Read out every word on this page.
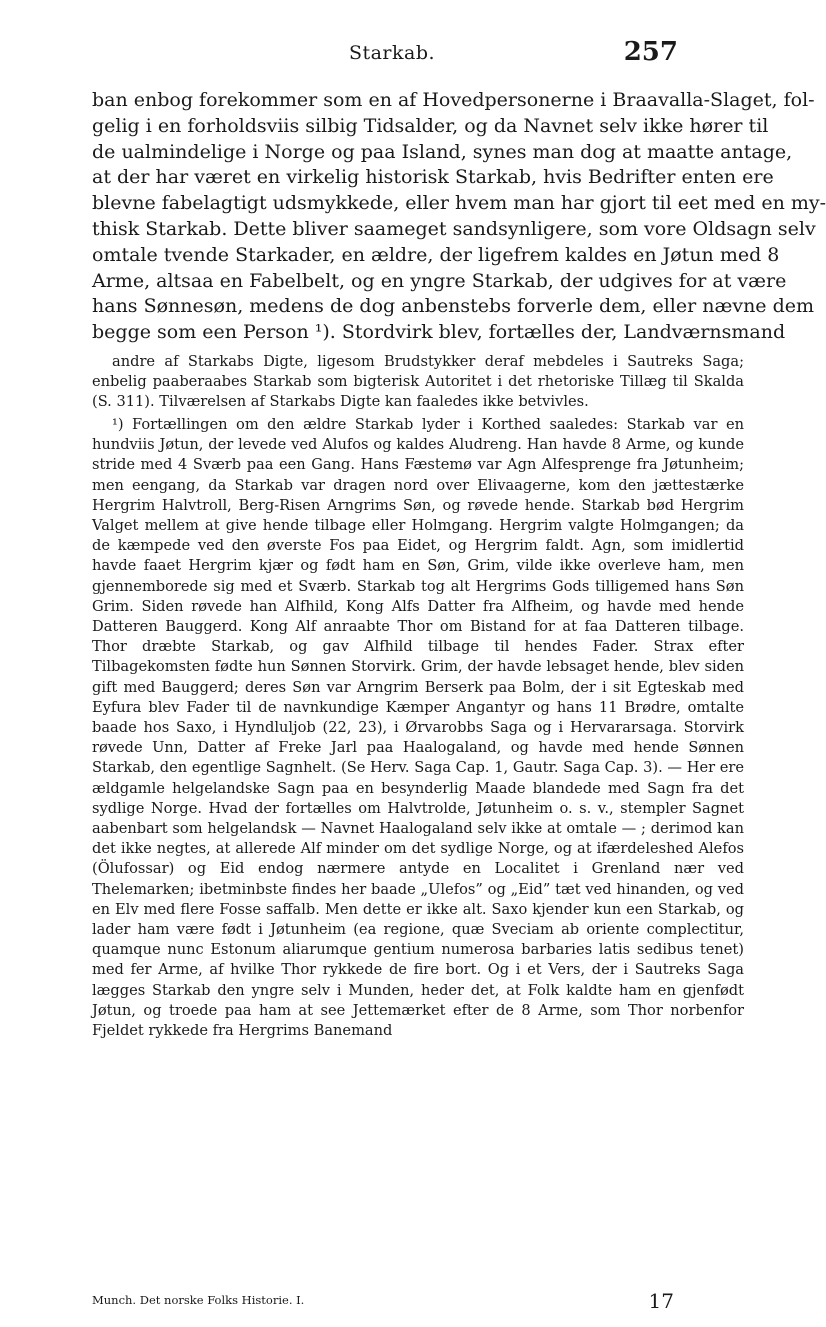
Starkab.	257
ban enbog forekommer som en af Hovedpersonerne i Braavalla-Slaget, fol-
gelig i en forholdsviis silbig Tidsalder, og da Navnet selv ikke hører til
de ualmindelige i Norge og paa Island, synes man dog at maatte antage,
at der har været en virkelig historisk Starkab, hvis Bedrifter enten ere
blevne fabelagtigt udsmykkede, eller hvem man har gjort til eet med en my-
thisk Starkab. Dette bliver saameget sandsynligere, som vore Oldsagn selv
omtale tvende Starkader, en ældre, der ligefrem kaldes en Jøtun med 8
Arme, altsaa en Fabelbelt, og en yngre Starkab, der udgives for at være
hans Sønnesøn, medens de dog anbenstebs forverle dem, eller nævne dem
begge som een Person ¹). Stordvirk blev, fortælles der, Landværnsmand

andre af Starkabs Digte, ligesom Brudstykker deraf mebdeles i Sautreks Saga; enbelig paaberaabes Starkab som bigterisk Autoritet i det rhetoriske Tillæg til Skalda (S. 311). Tilværelsen af Starkabs Digte kan faaledes ikke betvivles.

¹) Fortællingen om den ældre Starkab lyder i Korthed saaledes: Starkab var en hundviis Jøtun, der levede ved Alufos og kaldes Aludreng. Han havde 8 Arme, og kunde stride med 4 Sværb paa een Gang. Hans Fæstemø var Agn Alfesprenge fra Jøtunheim; men eengang, da Starkab var dragen nord over Elivaagerne, kom den jættestærke Hergrim Halvtroll, Berg-Risen Arngrims Søn, og røvede hende. Starkab bød Hergrim Valget mellem at give hende tilbage eller Holmgang. Hergrim valgte Holmgangen; da de kæmpede ved den øverste Fos paa Eidet, og Hergrim faldt. Agn, som imidlertid havde faaet Hergrim kjær og født ham en Søn, Grim, vilde ikke overleve ham, men gjennemborede sig med et Sværb. Starkab tog alt Hergrims Gods tilligemed hans Søn Grim. Siden røvede han Alfhild, Kong Alfs Datter fra Alfheim, og havde med hende Datteren Bauggerd. Kong Alf anraabte Thor om Bistand for at faa Datteren tilbage. Thor dræbte Starkab, og gav Alfhild tilbage til hendes Fader. Strax efter Tilbagekomsten fødte hun Sønnen Storvirk. Grim, der havde lebsaget hende, blev siden gift med Bauggerd; deres Søn var Arngrim Berserk paa Bolm, der i sit Egteskab med Eyfura blev Fader til de navnkundige Kæmper Angantyr og hans 11 Brødre, omtalte baade hos Saxo, i Hyndluljob (22, 23), i Ørvarobbs Saga og i Hervararsaga. Storvirk røvede Unn, Datter af Freke Jarl paa Haalogaland, og havde med hende Sønnen Starkab, den egentlige Sagnhelt. (Se Herv. Saga Cap. 1, Gautr. Saga Cap. 3). — Her ere ældgamle helgelandske Sagn paa en besynderlig Maade blandede med Sagn fra det sydlige Norge. Hvad der fortælles om Halvtrolde, Jøtunheim o. s. v., stempler Sagnet aabenbart som helgelandsk — Navnet Haalogaland selv ikke at omtale — ; derimod kan det ikke negtes, at allerede Alf minder om det sydlige Norge, og at ifærdeleshed Alefos (Ölufossar) og Eid endog nærmere antyde en Localitet i Grenland nær ved Thelemarken; ibetminbste findes her baade „Ulefos” og „Eid” tæt ved hinanden, og ved en Elv med flere Fosse saffalb. Men dette er ikke alt. Saxo kjender kun een Starkab, og lader ham være født i Jøtunheim (ea regione, quæ Sveciam ab oriente complectitur, quamque nunc Estonum aliarumque gentium numerosa barbaries latis sedibus tenet) med fer Arme, af hvilke Thor rykkede de fire bort. Og i et Vers, der i Sautreks Saga lægges Starkab den yngre selv i Munden, heder det, at Folk kaldte ham en gjenfødt Jøtun, og troede paa ham at see Jettemærket efter de 8 Arme, som Thor norbenfor Fjeldet rykkede fra Hergrims Banemand

Munch. Det norske Folks Historie. I.	17
